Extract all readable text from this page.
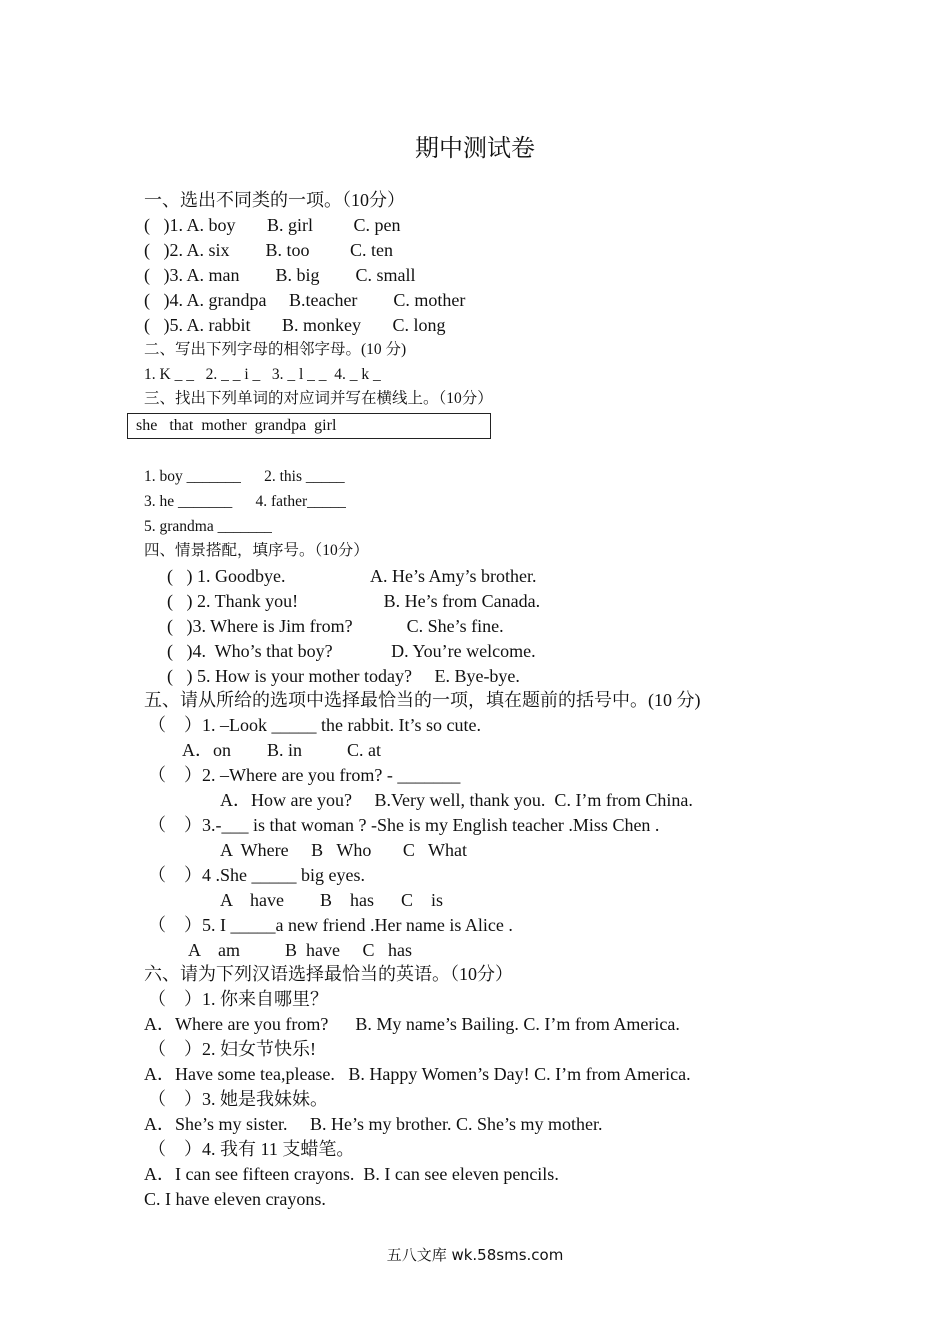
期中测试卷
一、选出不同类的一项。（10分）
(   )1. A. boy       B. girl         C. pen
(   )2. A. six        B. too         C. ten
(   )3. A. man        B. big        C. small
(   )4. A. grandpa     B.teacher        C. mother
(   )5. A. rabbit       B. monkey       C. long
二、写出下列字母的相邻字母。(10 分)
1. K _ _   2. _ _ i _   3. _ l _ _  4. _ k _
三、找出下列单词的对应词并写在横线上。（10分）
she   that  mother  grandpa  girl
1. boy _______      2. this _____
3. he _______      4. father_____
5. grandma _______
四、情景搭配，填序号。（10分）
(   ) 1. Goodbye.                   A. He’s Amy’s brother.
(   ) 2. Thank you!                   B. He’s from Canada.
(   )3. Where is Jim from?            C. She’s fine.
(   )4.  Who’s that boy?             D. You’re welcome.
(   ) 5. How is your mother today?     E. Bye-bye.
五、请从所给的选项中选择最恰当的一项，填在题前的括号中。(10 分)
（    ）1. –Look _____ the rabbit. It’s so cute.
A．on        B. in          C. at
（    ）2. –Where are you from? - _______
A．How are you?     B.Very well, thank you.  C. I’m from China.
（    ）3.-___ is that woman ? -She is my English teacher .Miss Chen .
A  Where     B   Who       C   What
（    ）4 .She _____ big eyes.
A    have        B    has      C    is
（    ）5. I _____a new friend .Her name is Alice .
A    am          B  have     C   has
六、请为下列汉语选择最恰当的英语。（10分）
（    ）1. 你来自哪里？
A．Where are you from?      B. My name’s Bailing. C. I’m from America.
（    ）2. 妇女节快乐!
A．Have some tea,please.   B. Happy Women’s Day! C. I’m from America.
（    ）3. 她是我妹妹。
A．She’s my sister.     B. He’s my brother. C. She’s my mother.
（    ）4. 我有 11 支蜡笔。
A．I can see fifteen crayons.  B. I can see eleven pencils.
C. I have eleven crayons.
五八文库 wk.58sms.com
